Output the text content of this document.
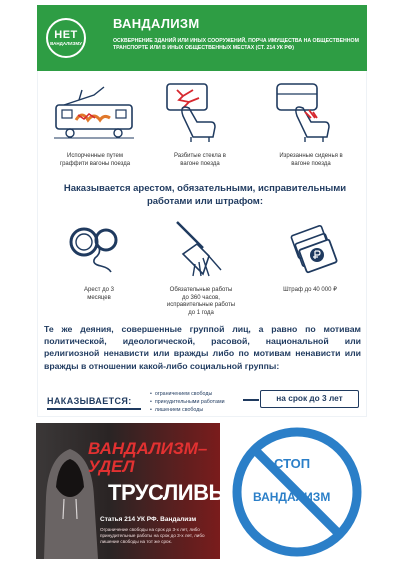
НЕТ
ВАНДАЛИЗМУ
ВАНДАЛИЗМ
ОСКВЕРНЕНИЕ ЗДАНИЙ ИЛИ ИНЫХ СООРУЖЕНИЙ, ПОРЧА ИМУЩЕСТВА НА ОБЩЕСТВЕННОМ ТРАНСПОРТЕ ИЛИ В ИНЫХ ОБЩЕСТВЕННЫХ МЕСТАХ (СТ. 214 УК РФ)
Испорченные путем граффити вагоны поезда
Разбитые стекла в вагоне поезда
Изрезанные сиденья в вагоне поезда
Наказывается арестом, обязательными, исправительными работами или штрафом:
Арест до 3 месяцев
Обязательные работы до 360 часов, исправительные работы до 1 года
Штраф до 40 000 ₽
Те же деяния, совершенные группой лиц, а равно по мотивам политической, идеологической, расовой, национальной или религиозной ненависти или вражды либо по мотивам ненависти или вражды в отношении какой-либо социальной группы:
НАКАЗЫВАЕТСЯ:
• ограничением свободы
• принудительными работами
• лишением свободы
на срок до 3 лет
ВАНДАЛИЗМ–УДЕЛ
ТРУСЛИВЫХ
Статья 214 УК РФ. Вандализм
Ограничение свободы на срок до 3-х лет, либо принудительные работы на срок до 3-х лет, либо лишение свободы на тот же срок.
СТОП
ВАНДАЛИЗМ
